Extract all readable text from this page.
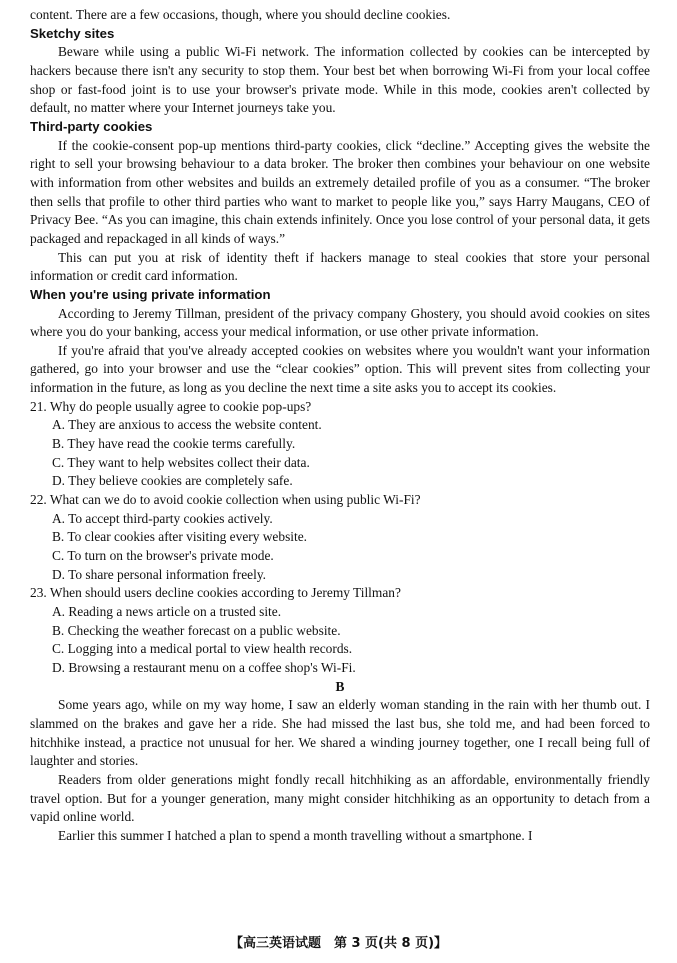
content. There are a few occasions, though, where you should decline cookies.

Sketchy sites

Beware while using a public Wi-Fi network. The information collected by cookies can be intercepted by hackers because there isn't any security to stop them. Your best bet when borrowing Wi-Fi from your local coffee shop or fast-food joint is to use your browser's private mode. While in this mode, cookies aren't collected by default, no matter where your Internet journeys take you.

Third-party cookies

If the cookie-consent pop-up mentions third-party cookies, click “decline.” Accepting gives the website the right to sell your browsing behaviour to a data broker. The broker then combines your behaviour on one website with information from other websites and builds an extremely detailed profile of you as a consumer. “The broker then sells that profile to other third parties who want to market to people like you,” says Harry Maugans, CEO of Privacy Bee. “As you can imagine, this chain extends infinitely. Once you lose control of your personal data, it gets packaged and repackaged in all kinds of ways.”

This can put you at risk of identity theft if hackers manage to steal cookies that store your personal information or credit card information.

When you're using private information

According to Jeremy Tillman, president of the privacy company Ghostery, you should avoid cookies on sites where you do your banking, access your medical information, or use other private information.

If you're afraid that you've already accepted cookies on websites where you wouldn't want your information gathered, go into your browser and use the “clear cookies” option. This will prevent sites from collecting your information in the future, as long as you decline the next time a site asks you to accept its cookies.

21. Why do people usually agree to cookie pop-ups?

A. They are anxious to access the website content.
B. They have read the cookie terms carefully.
C. They want to help websites collect their data.
D. They believe cookies are completely safe.

22. What can we do to avoid cookie collection when using public Wi-Fi?

A. To accept third-party cookies actively.
B. To clear cookies after visiting every website.
C. To turn on the browser's private mode.
D. To share personal information freely.

23. When should users decline cookies according to Jeremy Tillman?

A. Reading a news article on a trusted site.
B. Checking the weather forecast on a public website.
C. Logging into a medical portal to view health records.
D. Browsing a restaurant menu on a coffee shop's Wi-Fi.
B

Some years ago, while on my way home, I saw an elderly woman standing in the rain with her thumb out. I slammed on the brakes and gave her a ride. She had missed the last bus, she told me, and had been forced to hitchhike instead, a practice not unusual for her. We shared a winding journey together, one I recall being full of laughter and stories.

Readers from older generations might fondly recall hitchhiking as an affordable, environmentally friendly travel option. But for a younger generation, many might consider hitchhiking as an opportunity to detach from a vapid online world.

Earlier this summer I hatched a plan to spend a month travelling without a smartphone. I

【高三英语试题　第 3 页(共 8 页)】
